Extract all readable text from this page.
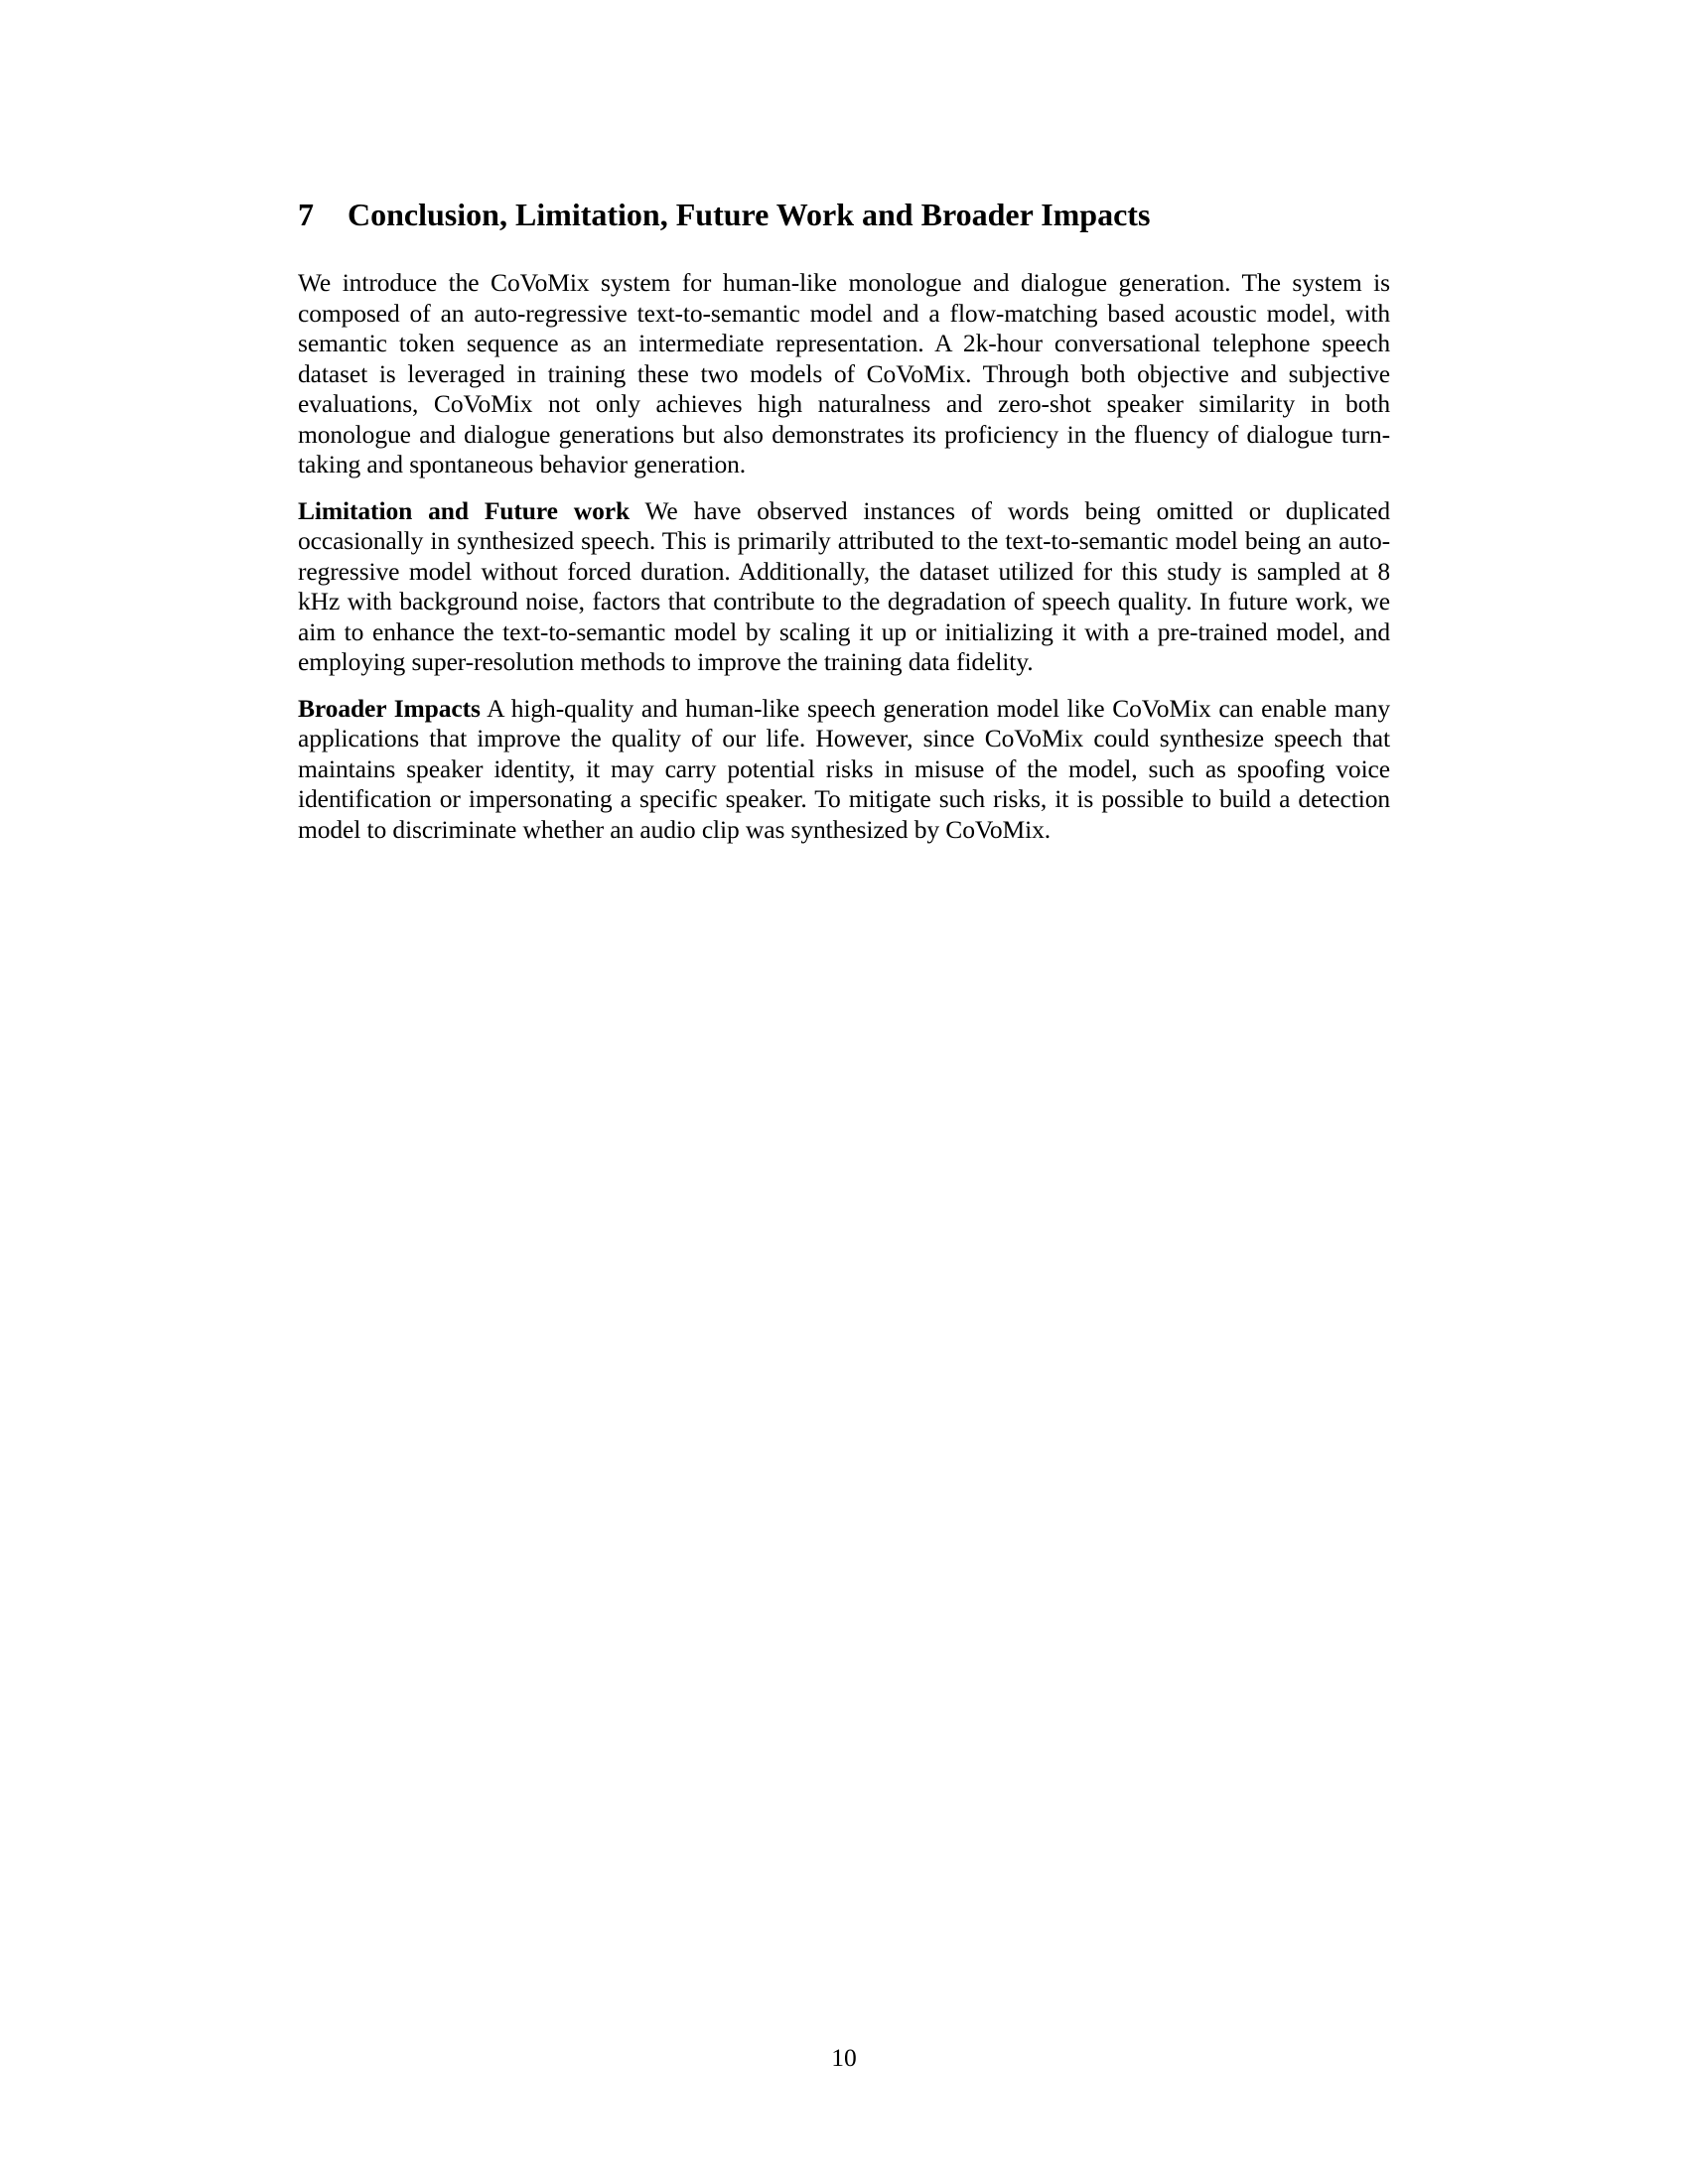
7	Conclusion, Limitation, Future Work and Broader Impacts

We introduce the CoVoMix system for human-like monologue and dialogue generation. The system is composed of an auto-regressive text-to-semantic model and a flow-matching based acoustic model, with semantic token sequence as an intermediate representation. A 2k-hour conversational telephone speech dataset is leveraged in training these two models of CoVoMix. Through both objective and subjective evaluations, CoVoMix not only achieves high naturalness and zero-shot speaker similarity in both monologue and dialogue generations but also demonstrates its proficiency in the fluency of dialogue turn-taking and spontaneous behavior generation.

Limitation and Future work We have observed instances of words being omitted or duplicated occasionally in synthesized speech. This is primarily attributed to the text-to-semantic model being an auto-regressive model without forced duration. Additionally, the dataset utilized for this study is sampled at 8 kHz with background noise, factors that contribute to the degradation of speech quality. In future work, we aim to enhance the text-to-semantic model by scaling it up or initializing it with a pre-trained model, and employing super-resolution methods to improve the training data fidelity.

Broader Impacts A high-quality and human-like speech generation model like CoVoMix can enable many applications that improve the quality of our life. However, since CoVoMix could synthesize speech that maintains speaker identity, it may carry potential risks in misuse of the model, such as spoofing voice identification or impersonating a specific speaker. To mitigate such risks, it is possible to build a detection model to discriminate whether an audio clip was synthesized by CoVoMix.

10
